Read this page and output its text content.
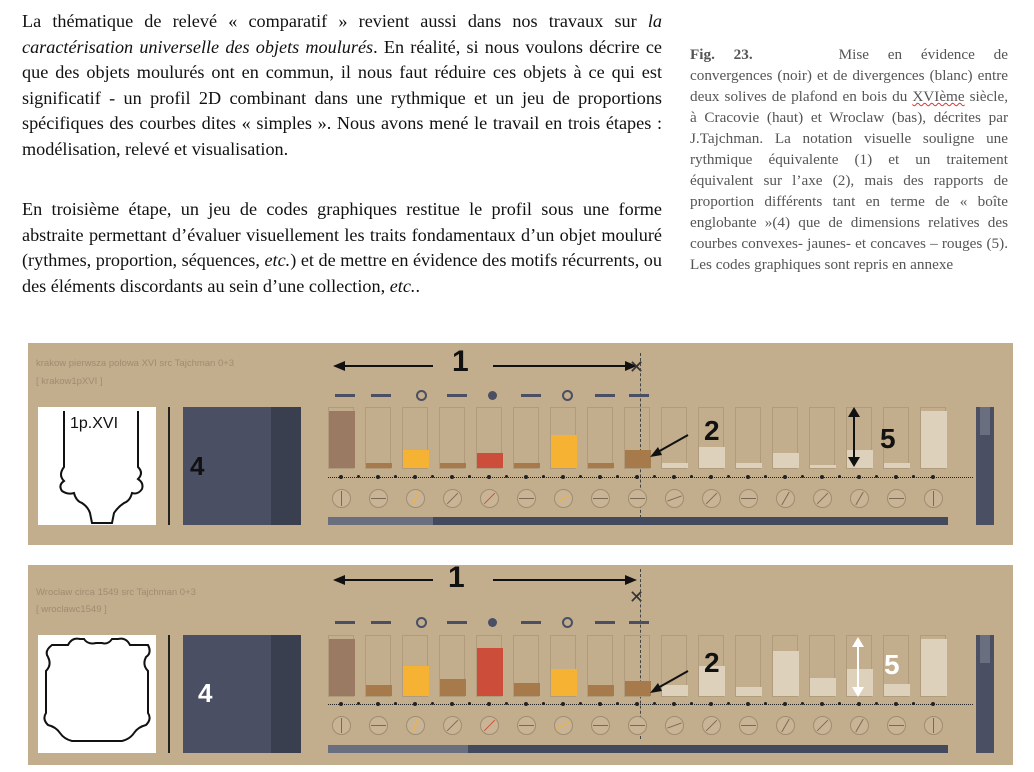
La thématique de relevé « comparatif » revient aussi dans nos travaux sur la caractérisation universelle des objets moulurés. En réalité, si nous voulons décrire ce que des objets moulurés ont en commun, il nous faut réduire ces objets à ce qui est significatif - un profil 2D combinant dans une rythmique et un jeu de proportions spécifiques des courbes dites « simples ». Nous avons mené le travail en trois étapes : modélisation, relevé et visualisation.

En troisième étape, un jeu de codes graphiques restitue le profil sous une forme abstraite permettant d’évaluer visuellement les traits fondamentaux d’un objet mouluré (rythmes, proportion, séquences, etc.) et de mettre en évidence des motifs récurrents, ou des éléments discordants au sein d’une collection, etc..

Fig. 23.	Mise en évidence de convergences (noir) et de divergences (blanc) entre deux solives de plafond en bois du XVIème siècle, à Cracovie (haut) et Wroclaw (bas), décrites par J.Tajchman. La notation visuelle souligne une rythmique équivalente (1) et un traitement équivalent sur l’axe (2), mais des rapports de proportion différents tant en terme de « boîte englobante »(4) que de dimensions relatives des courbes convexes- jaunes- et concaves – rouges (5). Les codes graphiques sont repris en annexe
krakow pierwsza polowa XVI src Tajchman 0+3
[ krakow1pXVI ]
1p.XVI
4
1	✕
2	5
Wroclaw circa 1549 src Tajchman 0+3
[ wroclawc1549 ]
4
1
✕
2	5
